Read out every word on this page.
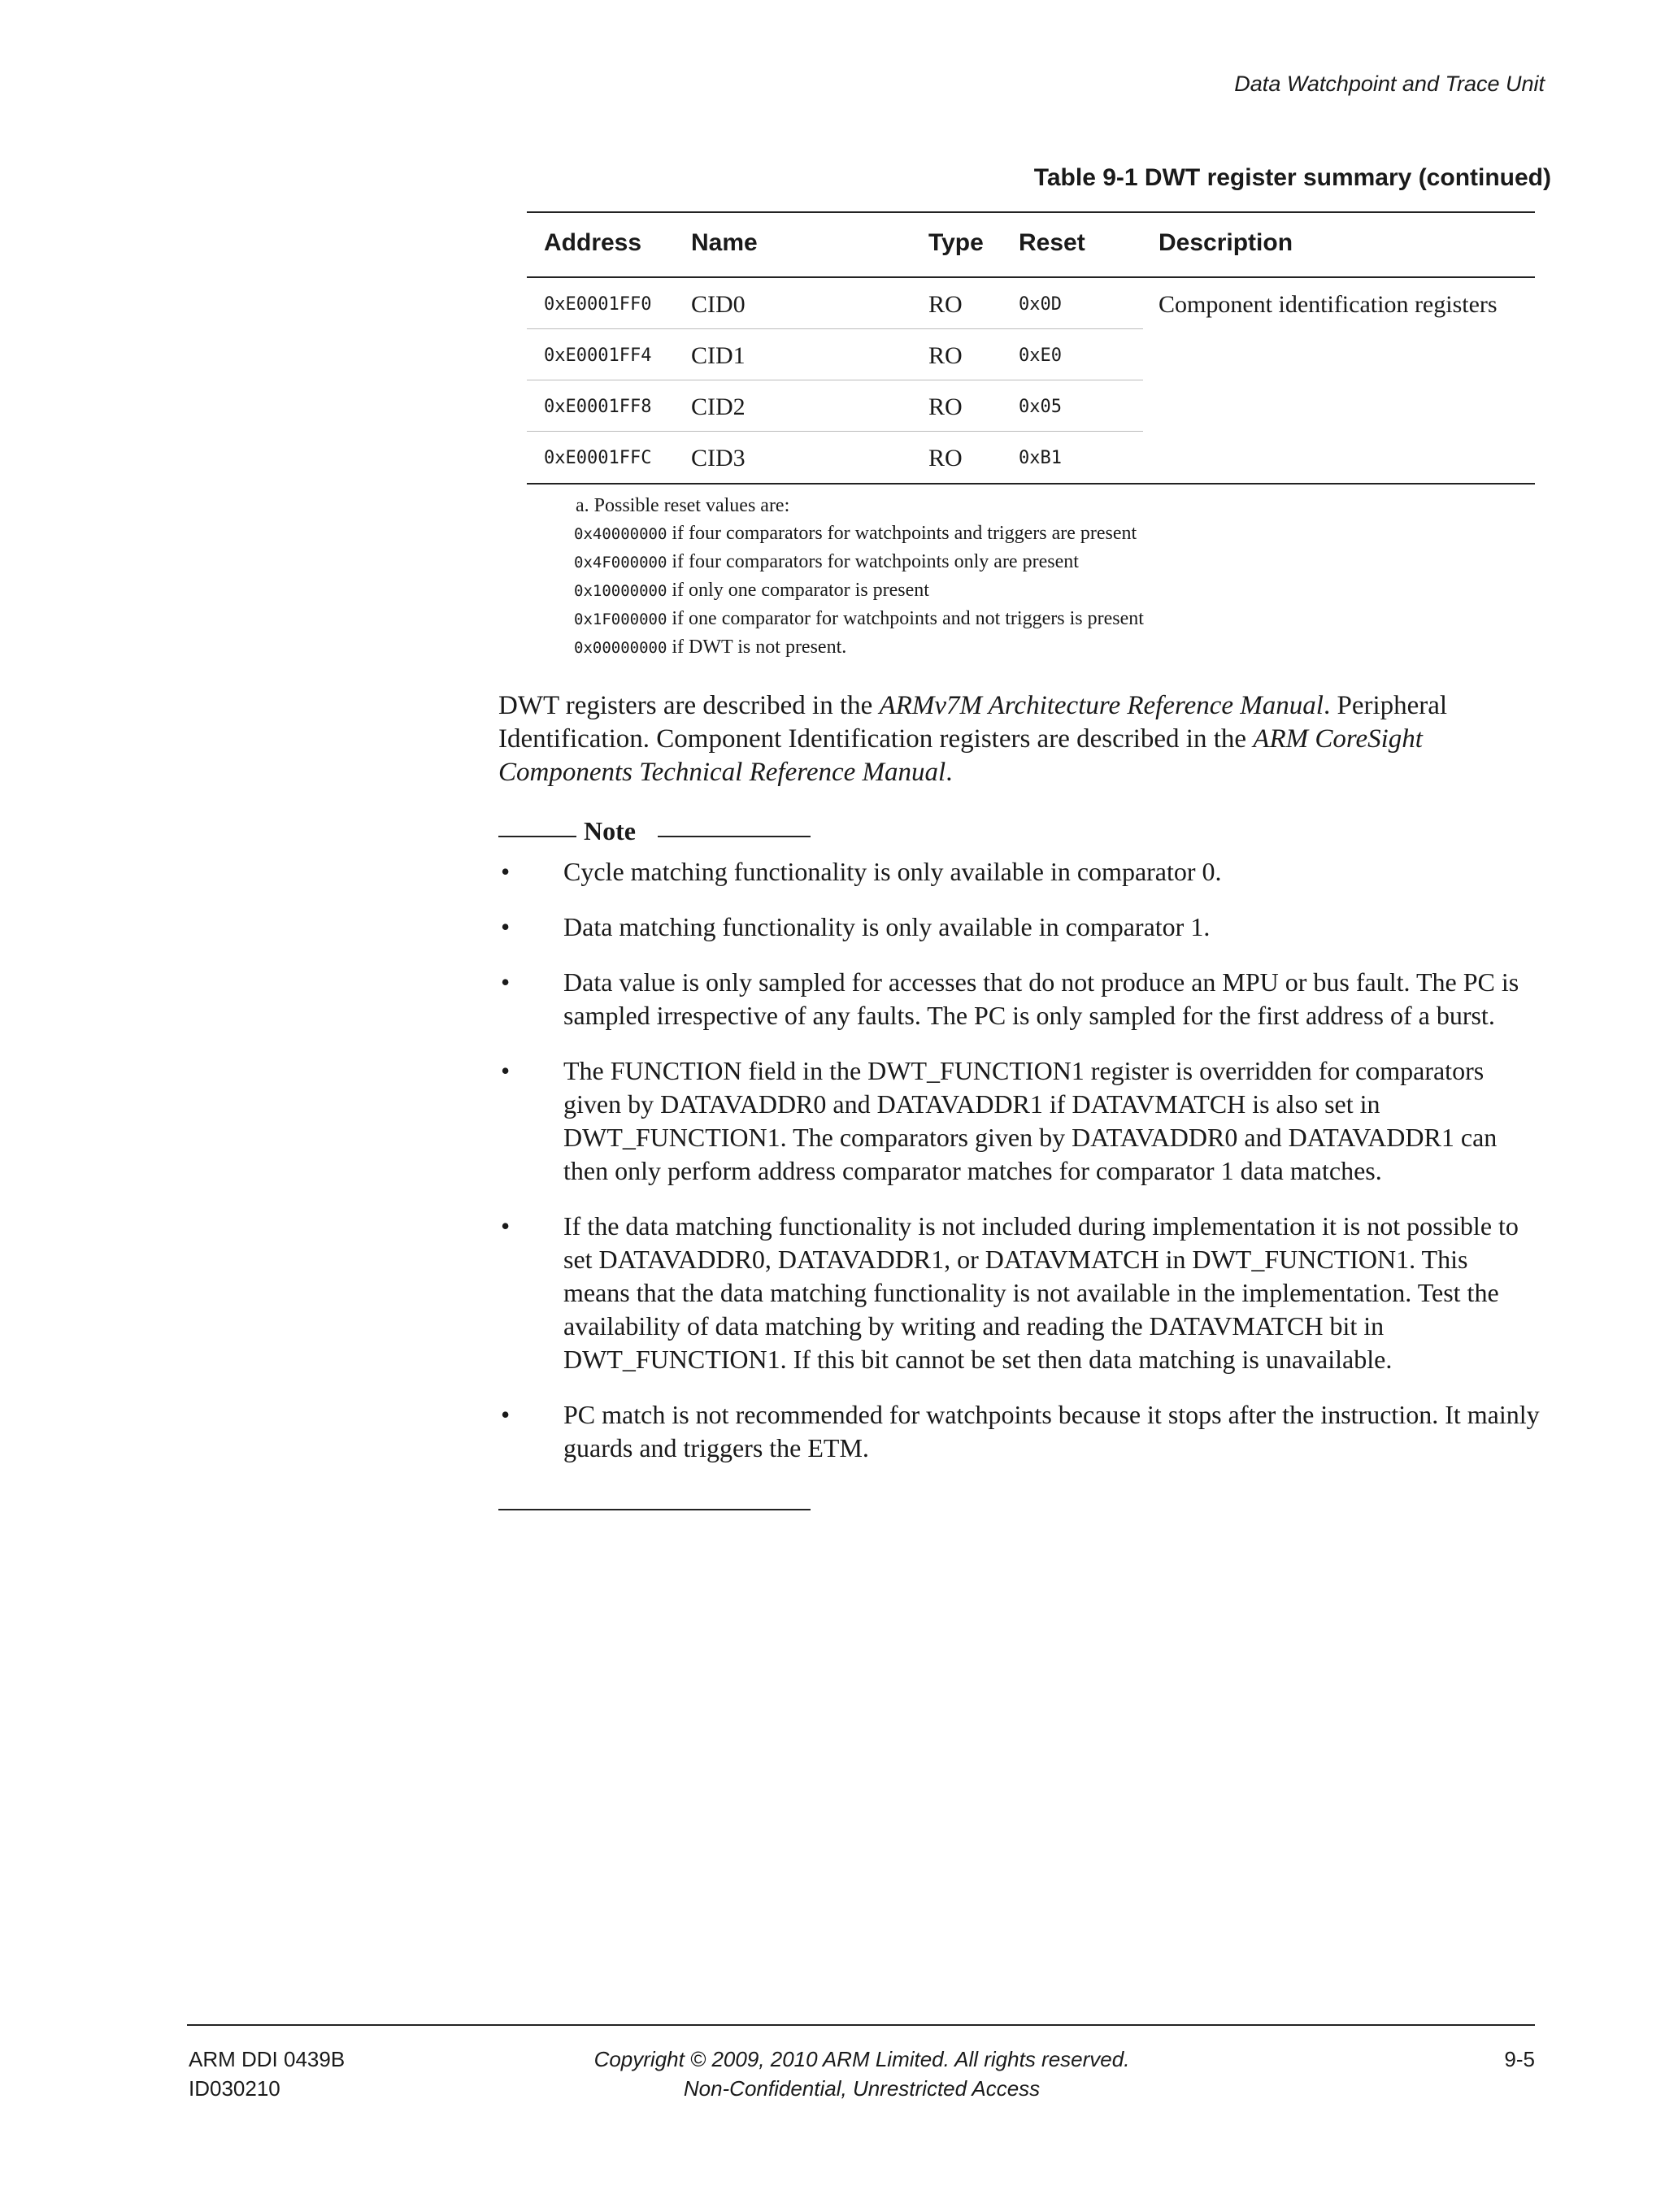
Data Watchpoint and Trace Unit
Table 9-1 DWT register summary (continued)
Address Name	Type Reset	Description
0xE0001FF0 CID0	RO	0x0D	Component identification registers
0xE0001FF4 CID1	RO	0xE0
0xE0001FF8 CID2	RO	0x05
0xE0001FFC CID3	RO	0xB1
a. Possible reset values are:
0x40000000 if four comparators for watchpoints and triggers are present
0x4F000000 if four comparators for watchpoints only are present
0x10000000 if only one comparator is present
0x1F000000 if one comparator for watchpoints and not triggers is present
0x00000000 if DWT is not present.

DWT registers are described in the ARMv7M Architecture Reference Manual. Peripheral Identification. Component Identification registers are described in the ARM CoreSight Components Technical Reference Manual.

Note
• Cycle matching functionality is only available in comparator 0.
• Data matching functionality is only available in comparator 1.
• Data value is only sampled for accesses that do not produce an MPU or bus fault. The PC is sampled irrespective of any faults. The PC is only sampled for the first address of a burst.
• The FUNCTION field in the DWT_FUNCTION1 register is overridden for comparators given by DATAVADDR0 and DATAVADDR1 if DATAVMATCH is also set in DWT_FUNCTION1. The comparators given by DATAVADDR0 and DATAVADDR1 can then only perform address comparator matches for comparator 1 data matches.
• If the data matching functionality is not included during implementation it is not possible to set DATAVADDR0, DATAVADDR1, or DATAVMATCH in DWT_FUNCTION1. This means that the data matching functionality is not available in the implementation. Test the availability of data matching by writing and reading the DATAVMATCH bit in DWT_FUNCTION1. If this bit cannot be set then data matching is unavailable.
• PC match is not recommended for watchpoints because it stops after the instruction. It mainly guards and triggers the ETM.
ARM DDI 0439B
ID030210
Copyright © 2009, 2010 ARM Limited. All rights reserved.
Non-Confidential, Unrestricted Access
9-5
